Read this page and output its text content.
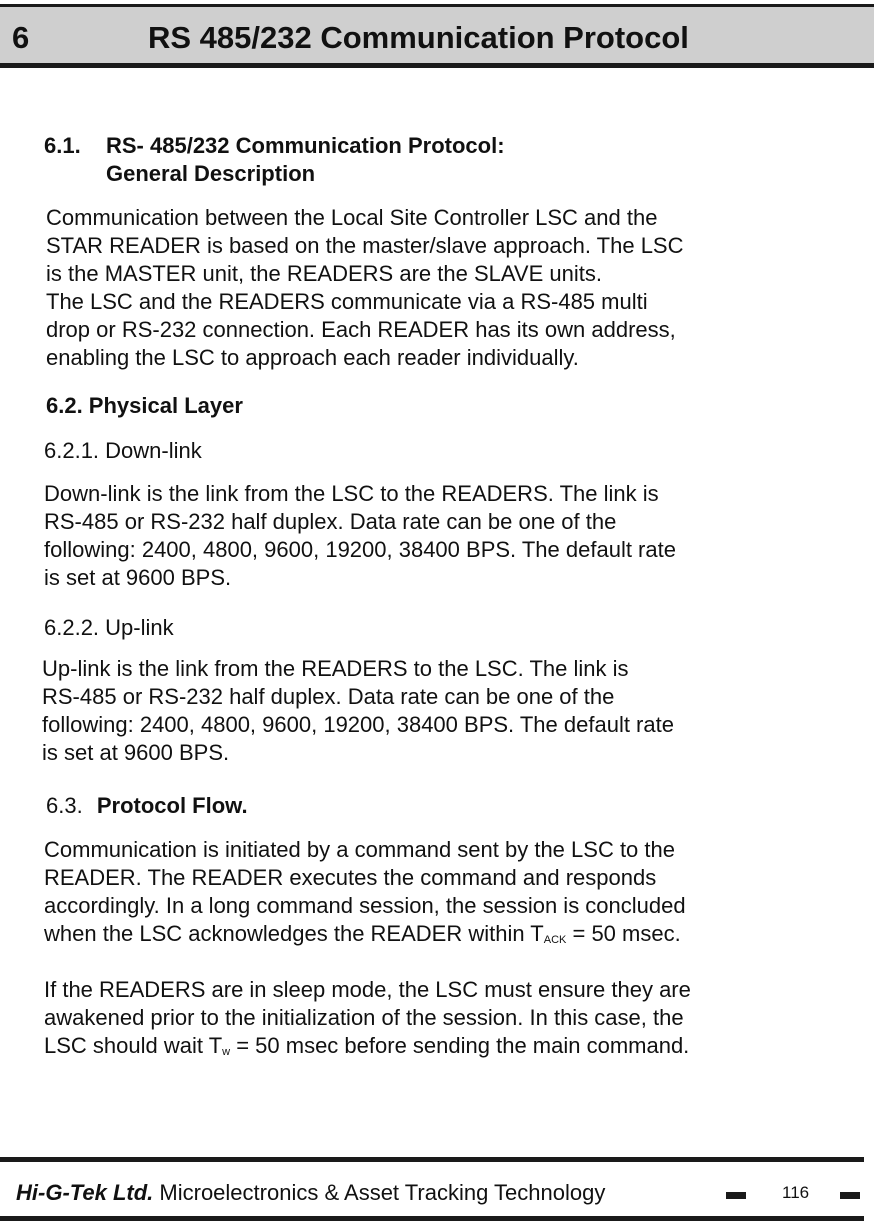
6	RS 485/232 Communication Protocol
6.1. RS- 485/232 Communication Protocol:
General Description
Communication between the Local Site Controller LSC and the
STAR READER is based on the master/slave approach. The LSC
is the MASTER unit, the READERS are the SLAVE units.
The LSC and the READERS communicate via a RS-485 multi
drop or RS-232 connection. Each READER has its own address,
enabling the LSC to approach each reader individually.
6.2. Physical Layer
6.2.1. Down-link
Down-link is the link from the LSC to the READERS. The link is
RS-485 or RS-232 half duplex. Data rate can be one of the
following: 2400, 4800, 9600, 19200, 38400 BPS. The default rate
is set at 9600 BPS.
6.2.2. Up-link
Up-link is the link from the READERS to the LSC. The link is
RS-485 or RS-232 half duplex. Data rate can be one of the
following: 2400, 4800, 9600, 19200, 38400 BPS. The default rate
is set at 9600 BPS.
6.3. Protocol Flow.
Communication is initiated by a command sent by the LSC to the
READER. The READER executes the command and responds
accordingly. In a long command session, the session is concluded
when the LSC acknowledges the READER within $T_{ACK} = 50$ msec.
If the READERS are in sleep mode, the LSC must ensure they are
awakened prior to the initialization of the session. In this case, the
LSC should wait $T_w = 50$ msec before sending the main command.
Hi-G-Tek Ltd. Microelectronics & Asset Tracking Technology	116
